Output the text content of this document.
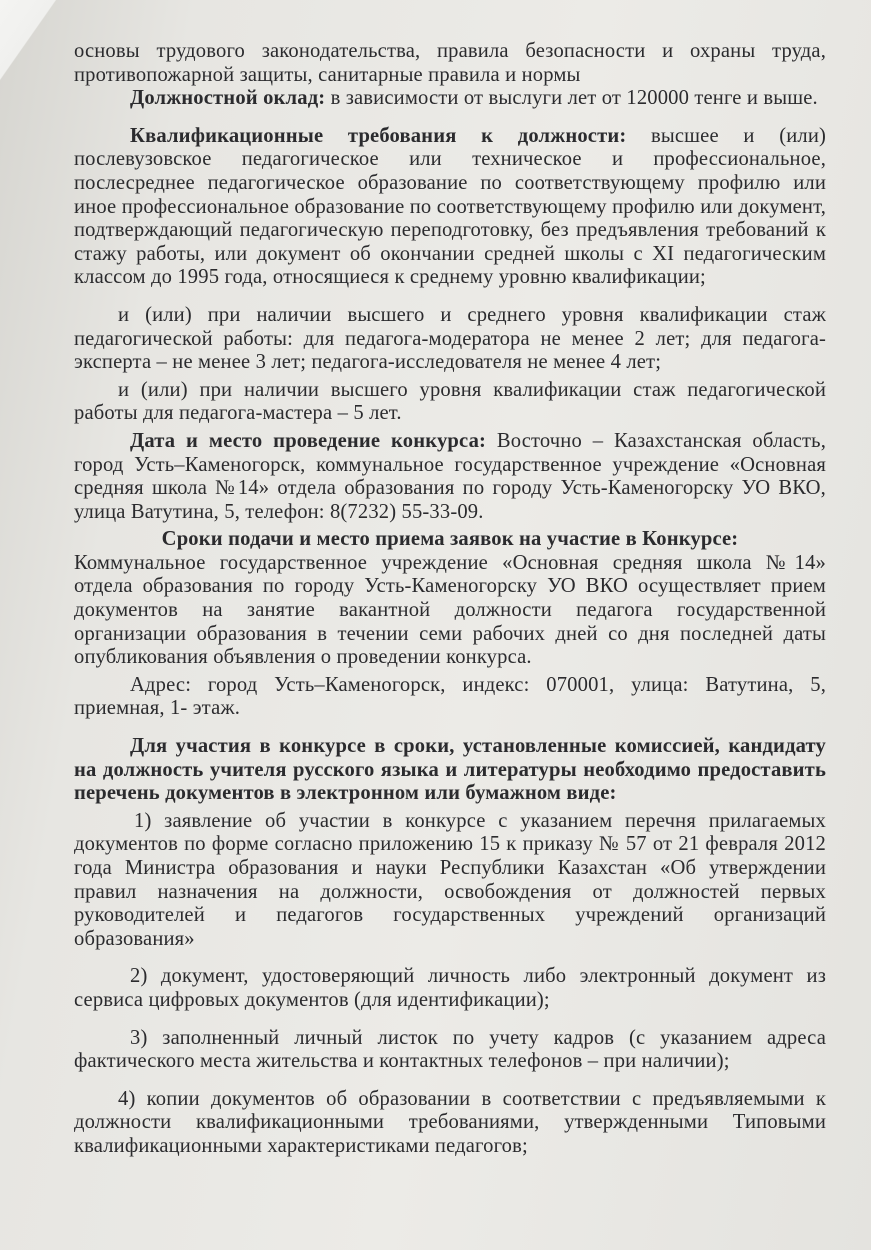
основы трудового законодательства, правила безопасности и охраны труда, противопожарной защиты, санитарные правила и нормы

Должностной оклад: в зависимости от выслуги лет от 120000 тенге и выше.

Квалификационные требования к должности: высшее и (или) послевузовское педагогическое или техническое и профессиональное, послесреднее педагогическое образование по соответствующему профилю или иное профессиональное образование по соответствующему профилю или документ, подтверждающий педагогическую переподготовку, без предъявления требований к стажу работы, или документ об окончании средней школы с XI педагогическим классом до 1995 года, относящиеся к среднему уровню квалификации;

и (или) при наличии высшего и среднего уровня квалификации стаж педагогической работы: для педагога-модератора не менее 2 лет; для педагога-эксперта – не менее 3 лет; педагога-исследователя не менее 4 лет;

и (или) при наличии высшего уровня квалификации стаж педагогической работы для педагога-мастера – 5 лет.

Дата и место проведение конкурса: Восточно – Казахстанская область, город Усть–Каменогорск, коммунальное государственное учреждение «Основная средняя школа №14» отдела образования по городу Усть-Каменогорску УО ВКО, улица Ватутина, 5, телефон: 8(7232) 55-33-09.

Сроки подачи и место приема заявок на участие в Конкурсе:

Коммунальное государственное учреждение «Основная средняя школа №14» отдела образования по городу Усть-Каменогорску УО ВКО осуществляет прием документов на занятие вакантной должности педагога государственной организации образования в течении семи рабочих дней со дня последней даты опубликования объявления о проведении конкурса.

Адрес: город Усть–Каменогорск, индекс: 070001, улица: Ватутина, 5, приемная, 1- этаж.

Для участия в конкурсе в сроки, установленные комиссией, кандидату на должность учителя русского языка и литературы необходимо предоставить перечень документов в электронном или бумажном виде:

1) заявление об участии в конкурсе с указанием перечня прилагаемых документов по форме согласно приложению 15 к приказу № 57 от 21 февраля 2012 года Министра образования и науки Республики Казахстан «Об утверждении правил назначения на должности, освобождения от должностей первых руководителей и педагогов государственных учреждений организаций образования»

2) документ, удостоверяющий личность либо электронный документ из сервиса цифровых документов (для идентификации);

3) заполненный личный листок по учету кадров (с указанием адреса фактического места жительства и контактных телефонов – при наличии);

4) копии документов об образовании в соответствии с предъявляемыми к должности квалификационными требованиями, утвержденными Типовыми квалификационными характеристиками педагогов;
